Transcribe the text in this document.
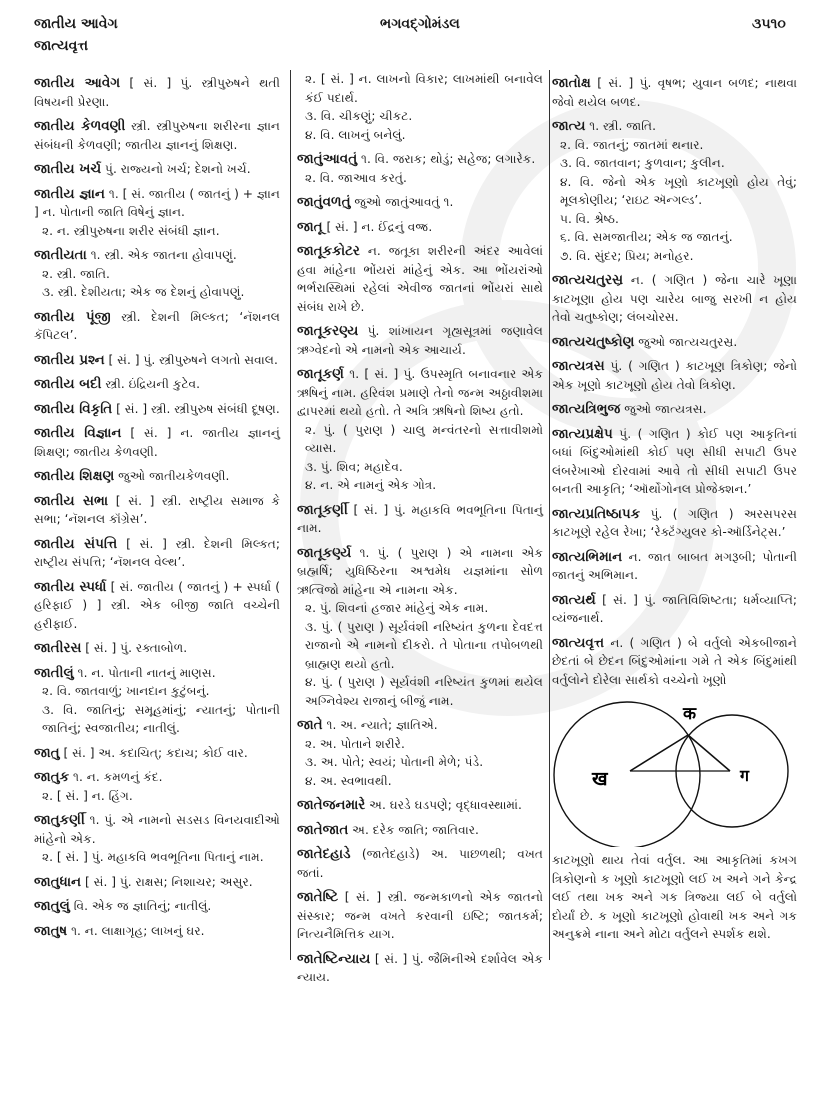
જાતીય આવેગ
જાત્યવૃત્ત
ભગવદ્ગોમંડલ	૩૫૧૦
જાતીય આવેગ [ સં. ] પું. સ્ત્રીપુરુષને થતી વિષયની પ્રેરણા.
જાતીય કેળવણી સ્ત્રી. સ્ત્રીપુરુષના શરીરના જ્ઞાન સંબંધની કેળવણી; જાતીય જ્ઞાનનું શિક્ષણ.
જાતીય ખર્ચ પું. રાજ્યનો ખર્ચ; દેશનો ખર્ચ.
જાતીય જ્ઞાન ૧. [ સં. જાતીય ( જાતનું ) + જ્ઞાન ] ન. પોતાની જાતિ વિષેનું જ્ઞાન.
૨. ન. સ્ત્રીપુરુષના શરીર સંબંધી જ્ઞાન.
જાતીયતા ૧. સ્ત્રી. એક જાતના હોવાપણું.
૨. સ્ત્રી. જાતિ.
૩. સ્ત્રી. દેશીયતા; એક જ દેશનું હોવાપણું.
જાતીય પૂંજી સ્ત્રી. દેશની મિલ્કત; ‘નૅશનલ કૅપિટલ’.
જાતીય પ્રશ્ન [ સં. ] પું. સ્ત્રીપુરુષને લગતો સવાલ.
જાતીય બદી સ્ત્રી. ઇંદ્રિયની કુટેવ.
જાતીય વિકૃતિ [ સં. ] સ્ત્રી. સ્ત્રીપુરુષ સંબંધી દૂષણ.
જાતીય વિજ્ઞાન [ સં. ] ન. જાતીય જ્ઞાનનું શિક્ષણ; જાતીય કેળવણી.
જાતીય શિક્ષણ જુઓ જાતીયકેળવણી.
જાતીય સભા [ સં. ] સ્ત્રી. રાષ્ટ્રીય સમાજ કે સભા; ‘નૅશનલ કૉંગ્રેસ’.
જાતીય સંપત્તિ [ સં. ] સ્ત્રી. દેશની મિલ્કત; રાષ્ટ્રીય સંપત્તિ; ‘નૅશનલ વેલ્થ’.
જાતીય સ્પર્ધા [ સં. જાતીય ( જાતનું ) + સ્પર્ધા ( હરિફાઈ ) ] સ્ત્રી. એક બીજી જાતિ વચ્ચેની હરીફાઈ.
જાતીરસ [ સં. ] પું. રક્તાબોળ.
જાતીલું ૧. ન. પોતાની નાતનું માણસ.
૨. વિ. જાતવાળું; ખાનદાન કુટુંબનું.
૩. વિ. જાતિનું; સમૂહમાંનું; ન્યાતનું; પોતાની જાતિનું; સ્વજાતીય; નાતીલું.
જાતુ [ સં. ] અ. કદાચિત્; કદાચ; કોઈ વાર.
જાતુક ૧. ન. કમળનું કંદ.
૨. [ સં. ] ન. હિંગ.
જાતુકર્ણી ૧. પું. એ નામનો સડસડ વિનયવાદીઓ માંહેનો એક.
૨. [ સં. ] પું. મહાકવિ ભવભૂતિના પિતાનું નામ.
જાતુધાન [ સં. ] પું. રાક્ષસ; નિશાચર; અસુર.
જાતુલું વિ. એક જ જ્ઞાતિનું; નાતીલું.
જાતુષ ૧. ન. લાક્ષાગૃહ; લાખનું ઘર.
૨. [ સં. ] ન. લાખનો વિકાર; લાખમાંથી બનાવેલ કંઈ પદાર્થ.
૩. વિ. ચીકણું; ચીકટ.
૪. વિ. લાખનું બનેલું.
જાતુંઆવતું ૧. વિ. જરાક; થોડું; સહેજ; લગારેક.
૨. વિ. જાઆવ કરતું.
જાતુંવળતું જુઓ જાતુંઆવતું ૧.
જાતૂ [ સં. ] ન. ઈંદ્રનું વજ્ર.
જાતૂકકોટર ન. જતૂકા શરીરની અંદર આવેલાં હવા માંહેના ભોંયરાં માંહેનું એક. આ ભોંયરાંઓ ભર્ભરાસ્થિમાં રહેલાં એવીજ જાતનાં ભોંયરાં સાથે સંબંધ રાખે છે.
જાતૂકરણ્ય પું. શાંખાયન ગૃહ્યસૂત્રમાં જણાવેલ ઋગ્વેદનો એ નામનો એક આચાર્ય.
જાતૂકર્ણ ૧. [ સં. ] પું. ઉપસ્મૃતિ બનાવનાર એક ઋષિનું નામ. હરિવંશ પ્રમાણે તેનો જન્મ અઠ્ઠાવીશમા દ્વાપરમાં થયો હતો. તે અત્રિ ઋષિનો શિષ્ય હતો.
૨. પું. ( પુરાણ ) ચાલુ મન્વંતરનો સત્તાવીશમો વ્યાસ.
૩. પું. શિવ; મહાદેવ.
૪. ન. એ નામનું એક ગોત્ર.
જાતૂકર્ણી [ સં. ] પું. મહાકવિ ભવભૂતિના પિતાનું નામ.
જાતૂકર્ણ્ય ૧. પું. ( પુરાણ ) એ નામના એક બ્રહ્મર્ષિ; યુધિષ્ઠિરના અશ્વમેધ યજ્ઞમાંના સોળ ઋત્વિજો માંહેના એ નામના એક.
૨. પું. શિવનાં હજાર માંહેનું એક નામ.
૩. પું. ( પુરાણ ) સૂર્યવંશી નરિષ્યંત કુળના દેવદત્ત રાજાનો એ નામનો દીકરો. તે પોતાના તપોબળથી બ્રાહ્મણ થયો હતો.
૪. પું. ( પુરાણ ) સૂર્યવંશી નરિષ્યંત કુળમાં થયેલ અગ્નિવેશ્ય રાજાનું બીજું નામ.
જાતે ૧. અ. ન્યાતે; જ્ઞાતિએ.
૨. અ. પોતાને શરીરે.
૩. અ. પોતે; સ્વયં; પોતાની મેળે; પંડે.
૪. અ. સ્વભાવથી.
જાતેજનમારે અ. ઘરડે ઘડપણે; વૃદ્ધાવસ્થામાં.
જાતેજાત અ. દરેક જાતિ; જાતિવાર.
જાતેદહાડે (જાતેદહાડે) અ. પાછળથી; વખત જતાં.
જાતેષ્ટિ [ સં. ] સ્ત્રી. જન્મકાળનો એક જાતનો સંસ્કાર; જન્મ વખતે કરવાની ઇષ્ટિ; જાતકર્મ; નિત્યનૈમિત્તિક યાગ.
જાતેષ્ટિન્યાય [ સં. ] પું. જૈમિનીએ દર્શાવેલ એક ન્યાય.
જાતોક્ષ [ સં. ] પું. વૃષભ; યુવાન બળદ; નાથવા જેવો થયેલ બળદ.
જાત્ય ૧. સ્ત્રી. જાતિ.
૨. વિ. જાતનું; જાતમાં થનાર.
૩. વિ. જાતવાન; કુળવાન; કુલીન.
૪. વિ. જેનો એક ખૂણો કાટખૂણો હોય તેવું; મૂલકોણીય; ‘રાઇટ ઍન્ગલ્ડ’.
૫. વિ. શ્રેષ્ઠ.
૬. વિ. સમજાતીય; એક જ જાતનું.
૭. વિ. સુંદર; પ્રિય; મનોહર.
જાત્યચતુરસ્ર ન. ( ગણિત ) જેના ચારે ખૂણા કાટખૂણા હોય પણ ચારેય બાજુ સરખી ન હોય તેવો ચતુષ્કોણ; લંબચોરસ.
જાત્યચતુષ્કોણ જુઓ જાત્યચતુરસ્ર.
જાત્યત્રસ પું. ( ગણિત ) કાટખૂણ ત્રિકોણ; જેનો એક ખૂણો કાટખૂણો હોય તેવો ત્રિકોણ.
જાત્યત્રિભુજ જુઓ જાત્યત્રસ.
જાત્યપ્રક્ષેપ પું. ( ગણિત ) કોઈ પણ આકૃતિનાં બધાં બિંદુઓમાંથી કોઈ પણ સીધી સપાટી ઉપર લંબરેખાઓ દોરવામાં આવે તો સીધી સપાટી ઉપર બનતી આકૃતિ; ‘ઑર્થોગોનલ પ્રોજેક્શન.’
જાત્યપ્રતિષ્ઠાપક પું. ( ગણિત ) અરસપરસ કાટખૂણે રહેલ રેખા; ‘રેક્ટૅંગ્યુલર કો-ઑર્ડિનેટ્સ.’
જાત્યભિમાન ન. જાત બાબત મગરૂબી; પોતાની જાતનું અભિમાન.
જાત્યર્થ [ સં. ] પું. જાતિવિશિષ્ટતા; ધર્મવ્યાપ્તિ; વ્યંજનાર્થ.
જાત્યવૃત્ત ન. ( ગણિત ) બે વર્તુલો એકબીજાને છેદતાં બે છેદન બિંદુઓમાંના ગમે તે એક બિંદુમાંથી વર્તુલોને દોરેલા સાર્થકો વચ્ચેનો ખૂણો
क
ख	ग

કાટખૂણો થાય તેવાં વર્તુલ. આ આકૃતિમાં કખગ ત્રિકોણનો ક ખૂણો કાટખૂણો લઈ ખ અને ગને કેન્દ્ર લઈ તથા ખક અને ગક ત્રિજ્યા લઈ બે વર્તુલો દોર્યાં છે. ક ખૂણો કાટખૂણો હોવાથી ખક અને ગક અનુક્રમે નાના અને મોટા વર્તુલને સ્પર્શક થશે.
